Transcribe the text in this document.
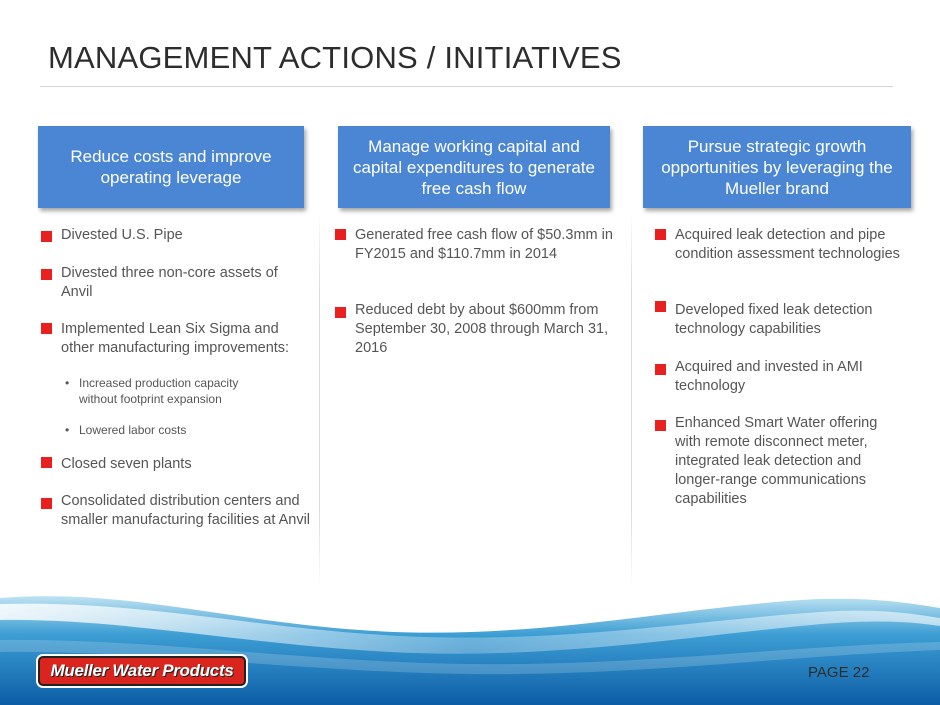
MANAGEMENT ACTIONS / INITIATIVES
Reduce costs and improve operating leverage
Manage working capital and capital expenditures to generate free cash flow
Pursue strategic growth opportunities by leveraging the Mueller brand
Divested U.S. Pipe
Divested three non-core assets of Anvil
Implemented Lean Six Sigma and other manufacturing improvements:
• Increased production capacity without footprint expansion
• Lowered labor costs
Closed seven plants
Consolidated distribution centers and smaller manufacturing facilities at Anvil
Generated free cash flow of $50.3mm in FY2015 and $110.7mm in 2014
Reduced debt by about $600mm from September 30, 2008 through March 31, 2016
Acquired leak detection and pipe condition assessment technologies
Developed fixed leak detection technology capabilities
Acquired and invested in AMI technology
Enhanced Smart Water offering with remote disconnect meter, integrated leak detection and longer-range communications capabilities
Mueller Water Products	PAGE 22
